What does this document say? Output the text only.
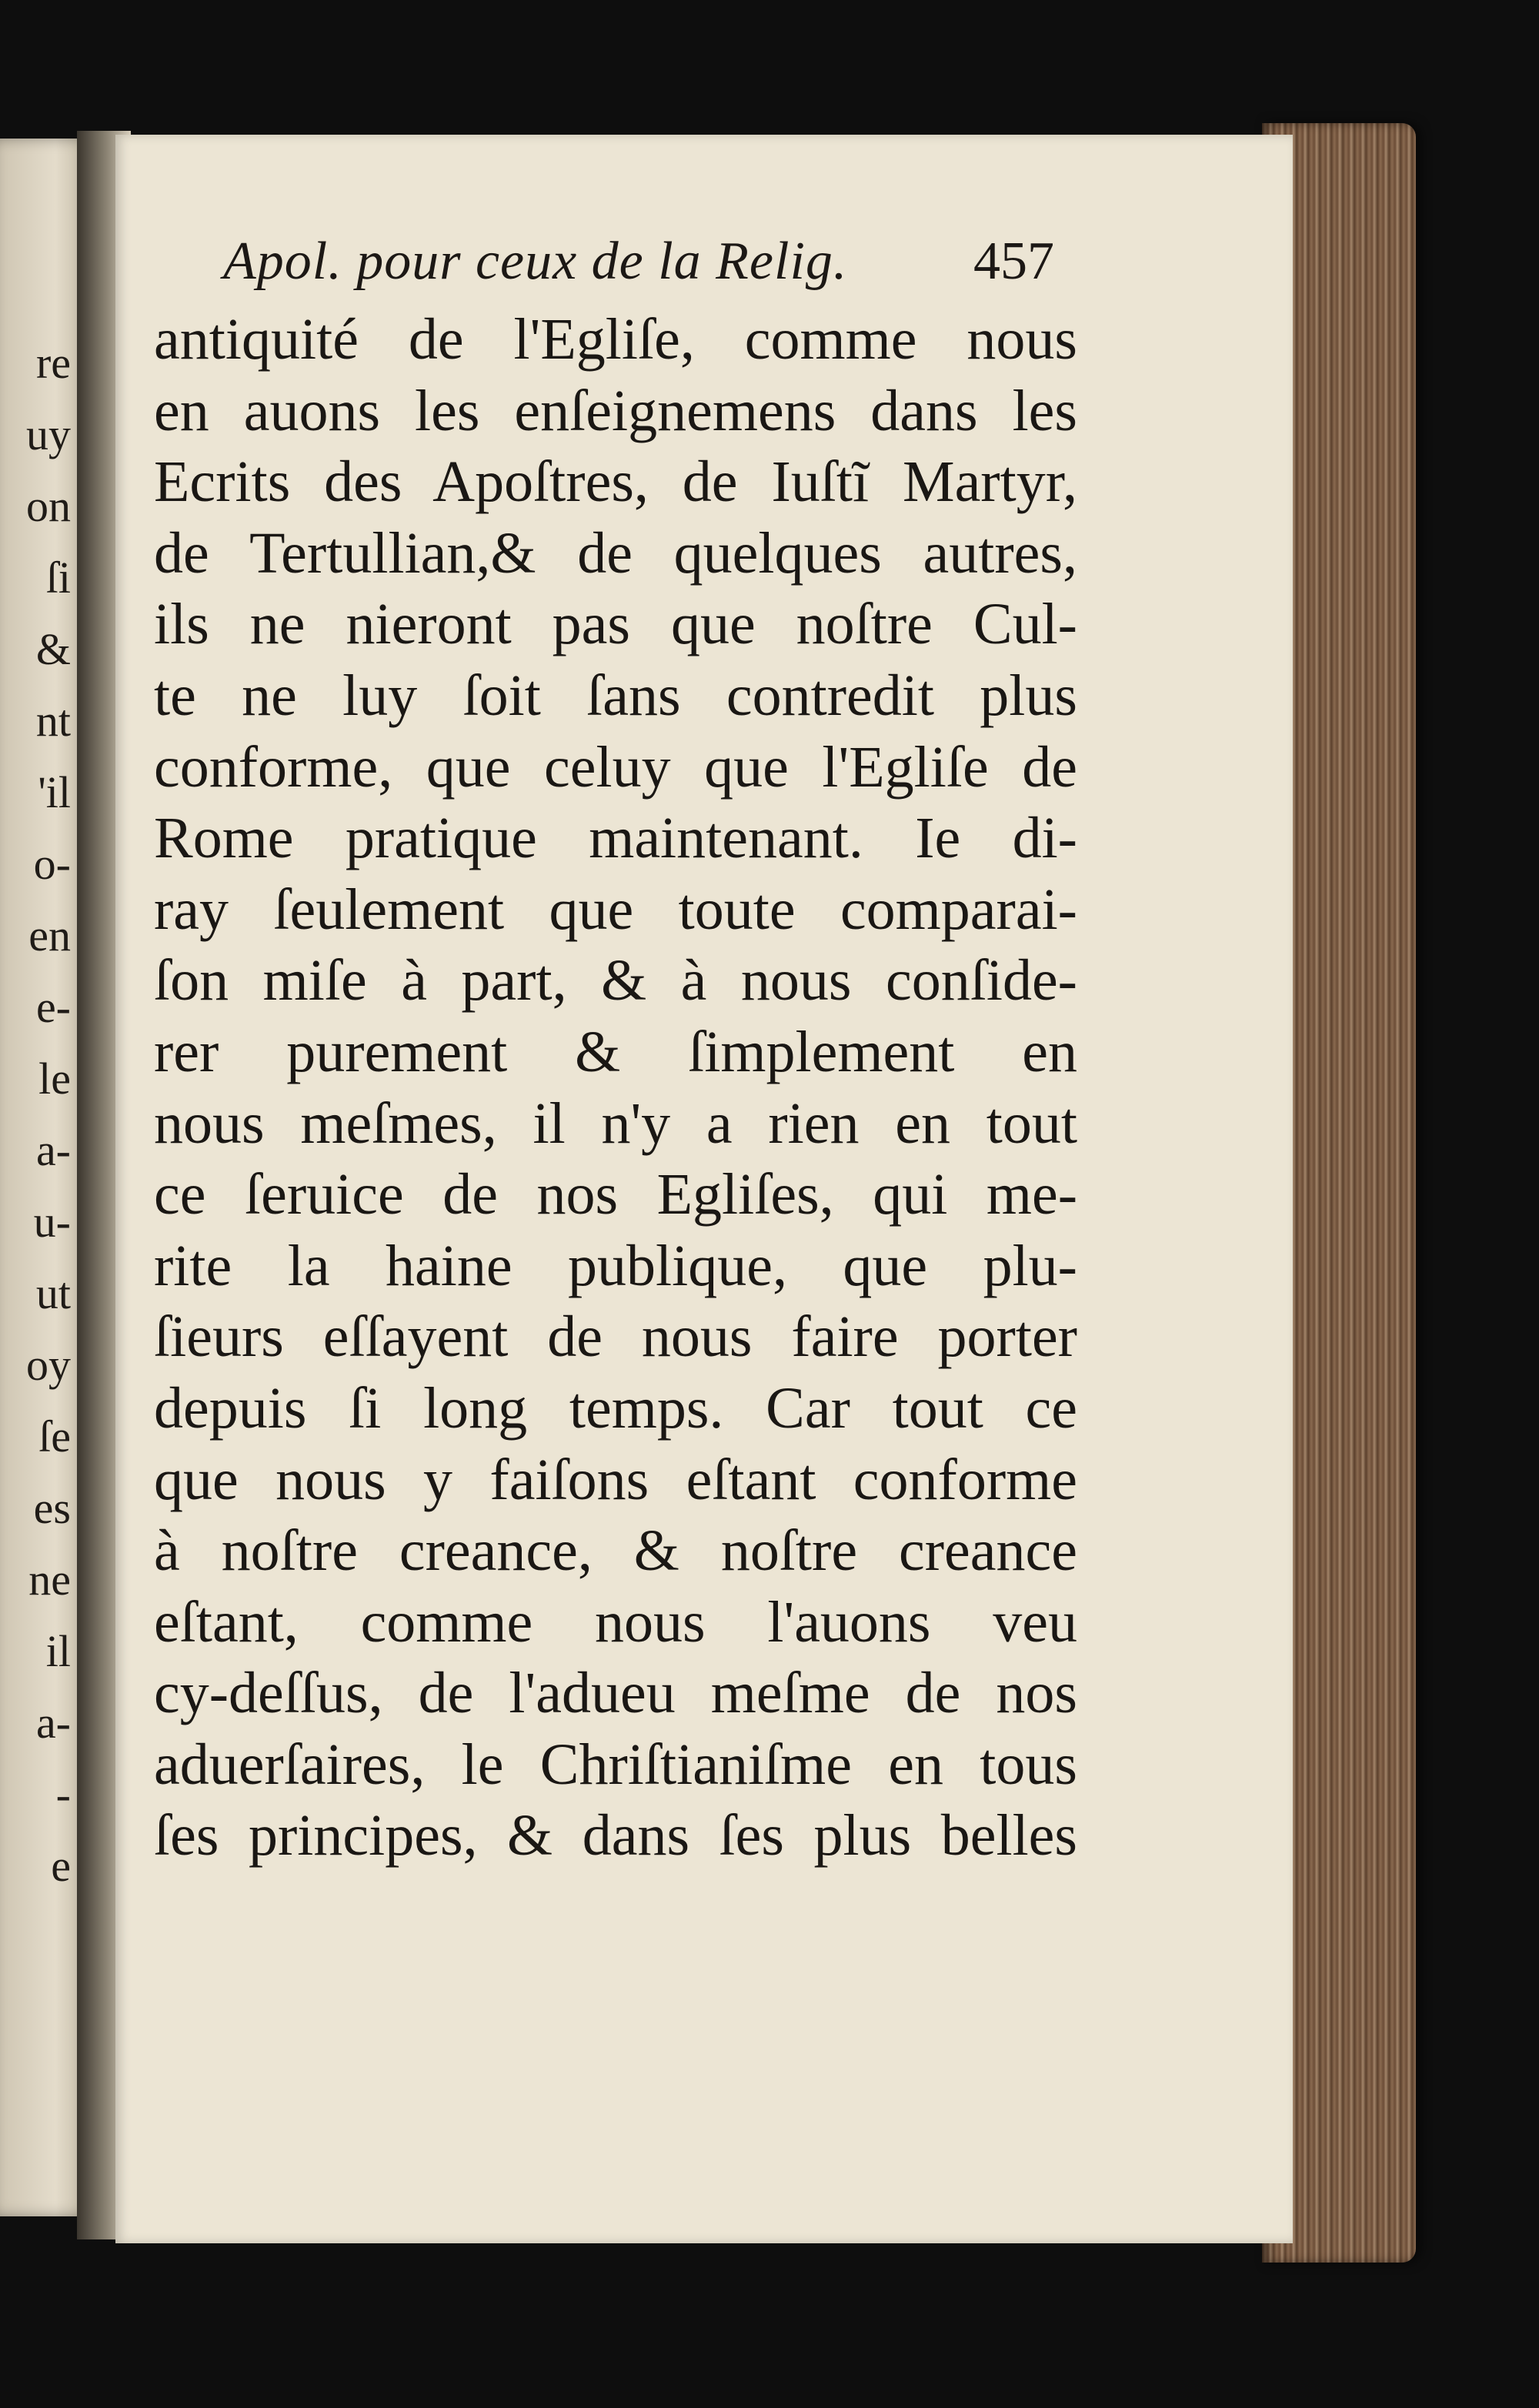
re
uy
on
ſi
&
nt
'il
o-
en
e-
le
a-
u-
ut
oy
ſe
es
ne
il
a-
-
e
Apol. pour ceux de la Relig. 457
antiquité de l'Egliſe, comme nous
en auons les enſeignemens dans les
Ecrits des Apoſtres, de Iuſtĩ Martyr,
de Tertullian,& de quelques autres,
ils ne nieront pas que noſtre Cul-
te ne luy ſoit ſans contredit plus
conforme, que celuy que l'Egliſe de
Rome pratique maintenant. Ie di-
ray ſeulement que toute comparai-
ſon miſe à part, & à nous conſide-
rer purement & ſimplement en
nous meſmes, il n'y a rien en tout
ce ſeruice de nos Egliſes, qui me-
rite la haine publique, que plu-
ſieurs eſſayent de nous faire porter
depuis ſi long temps. Car tout ce
que nous y faiſons eſtant conforme
à noſtre creance, & noſtre creance
eſtant, comme nous l'auons veu
cy-deſſus, de l'adueu meſme de nos
aduerſaires, le Chriſtianiſme en tous
ſes principes, & dans ſes plus belles
